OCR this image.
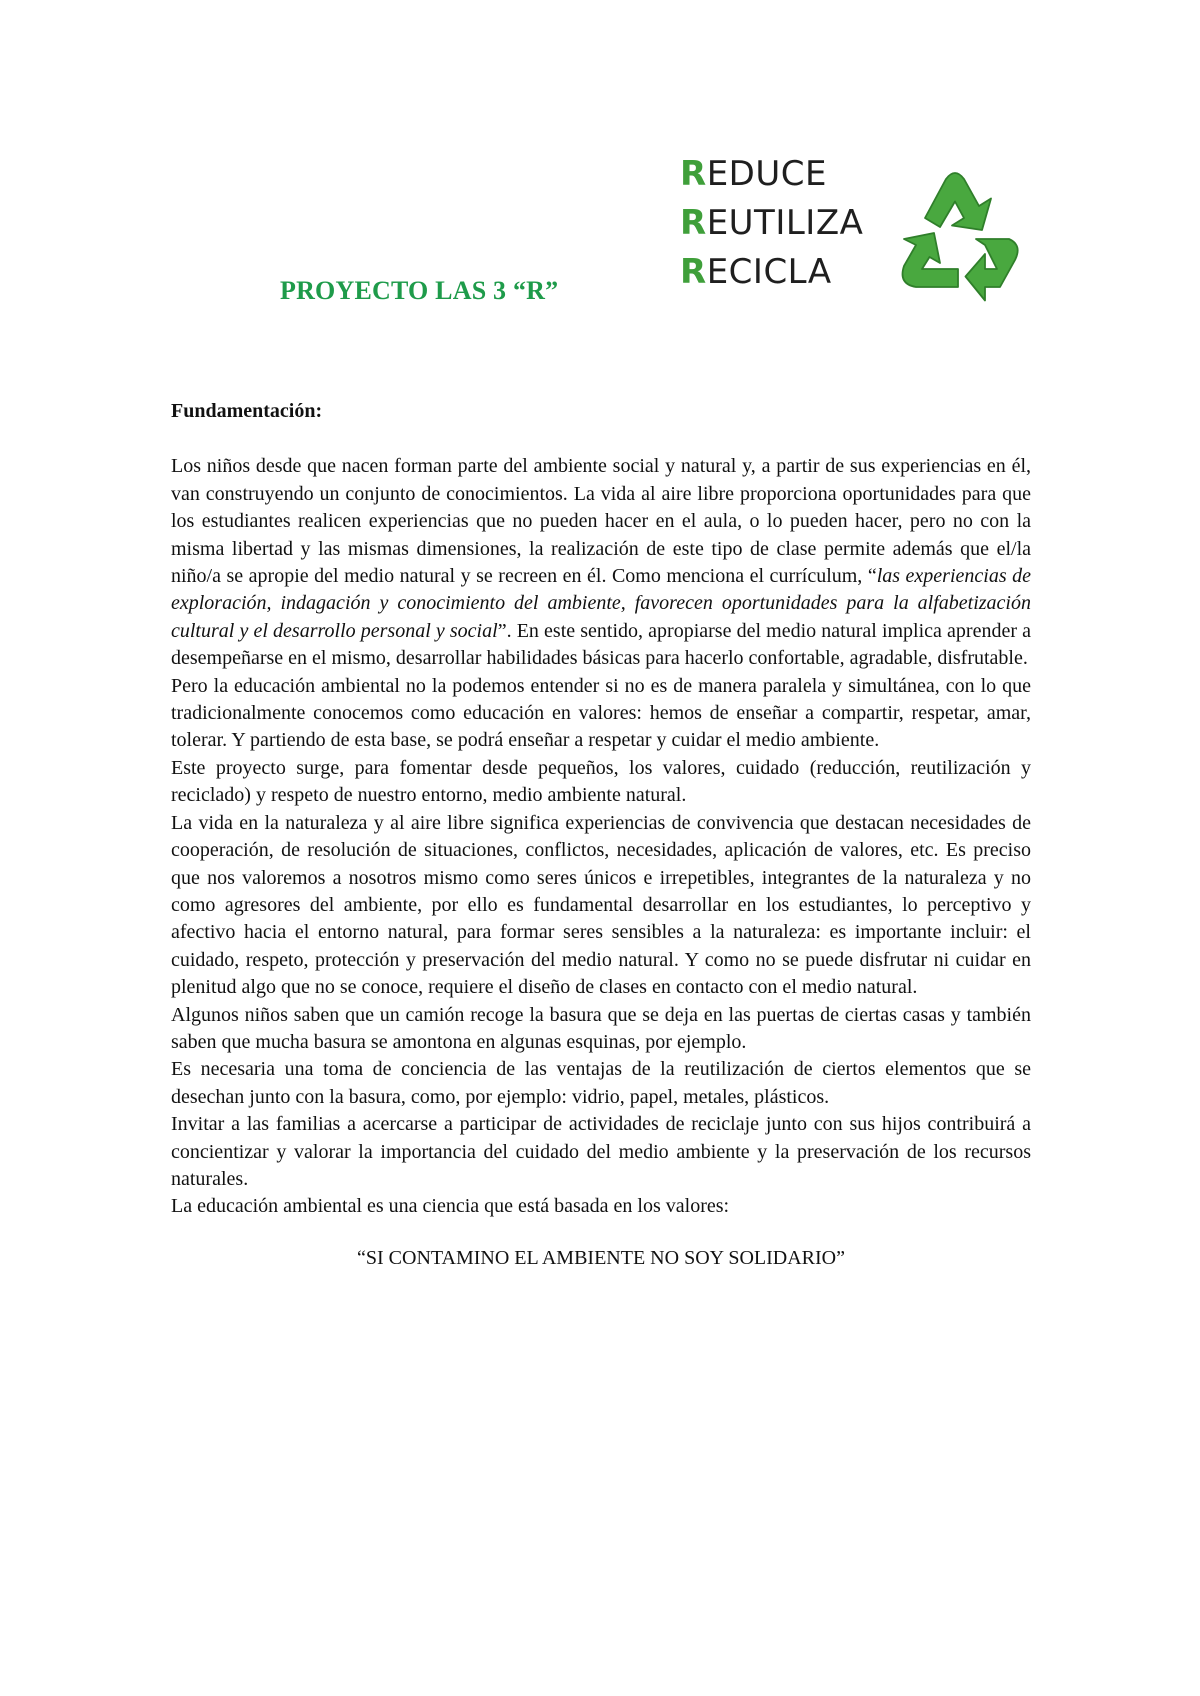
PROYECTO LAS 3 “R”
REDUCE
REUTILIZA
RECICLA

Fundamentación:

Los niños desde que nacen forman parte del ambiente social y natural y, a partir de sus experiencias en él, van construyendo un conjunto de conocimientos. La vida al aire libre proporciona oportunidades para que los estudiantes realicen experiencias que no pueden hacer en el aula, o lo pueden hacer, pero no con la misma libertad y las mismas dimensiones, la realización de este tipo de clase permite además que el/la niño/a se apropie del medio natural y se recreen en él. Como menciona el currículum, “las experiencias de exploración, indagación y conocimiento del ambiente, favorecen oportunidades para la alfabetización cultural y el desarrollo personal y social”. En este sentido, apropiarse del medio natural implica aprender a desempeñarse en el mismo, desarrollar habilidades básicas para hacerlo confortable, agradable, disfrutable.

Pero la educación ambiental no la podemos entender si no es de manera paralela y simultánea, con lo que tradicionalmente conocemos como educación en valores: hemos de enseñar a compartir, respetar, amar, tolerar. Y partiendo de esta base, se podrá enseñar a respetar y cuidar el medio ambiente.

Este proyecto surge, para fomentar desde pequeños, los valores, cuidado (reducción, reutilización y reciclado) y respeto de nuestro entorno, medio ambiente natural.

La vida en la naturaleza y al aire libre significa experiencias de convivencia que destacan necesidades de cooperación, de resolución de situaciones, conflictos, necesidades, aplicación de valores, etc. Es preciso que nos valoremos a nosotros mismo como seres únicos e irrepetibles, integrantes de la naturaleza y no como agresores del ambiente, por ello es fundamental desarrollar en los estudiantes, lo perceptivo y afectivo hacia el entorno natural, para formar seres sensibles a la naturaleza: es importante incluir: el cuidado, respeto, protección y preservación del medio natural. Y como no se puede disfrutar ni cuidar en plenitud algo que no se conoce, requiere el diseño de clases en contacto con el medio natural.

Algunos niños saben que un camión recoge la basura que se deja en las puertas de ciertas casas y también saben que mucha basura se amontona en algunas esquinas, por ejemplo.

Es necesaria una toma de conciencia de las ventajas de la reutilización de ciertos elementos que se desechan junto con la basura, como, por ejemplo: vidrio, papel, metales, plásticos.

Invitar a las familias a acercarse a participar de actividades de reciclaje junto con sus hijos contribuirá a concientizar y valorar la importancia del cuidado del medio ambiente y la preservación de los recursos naturales.

La educación ambiental es una ciencia que está basada en los valores:

“SI CONTAMINO EL AMBIENTE NO SOY SOLIDARIO”
